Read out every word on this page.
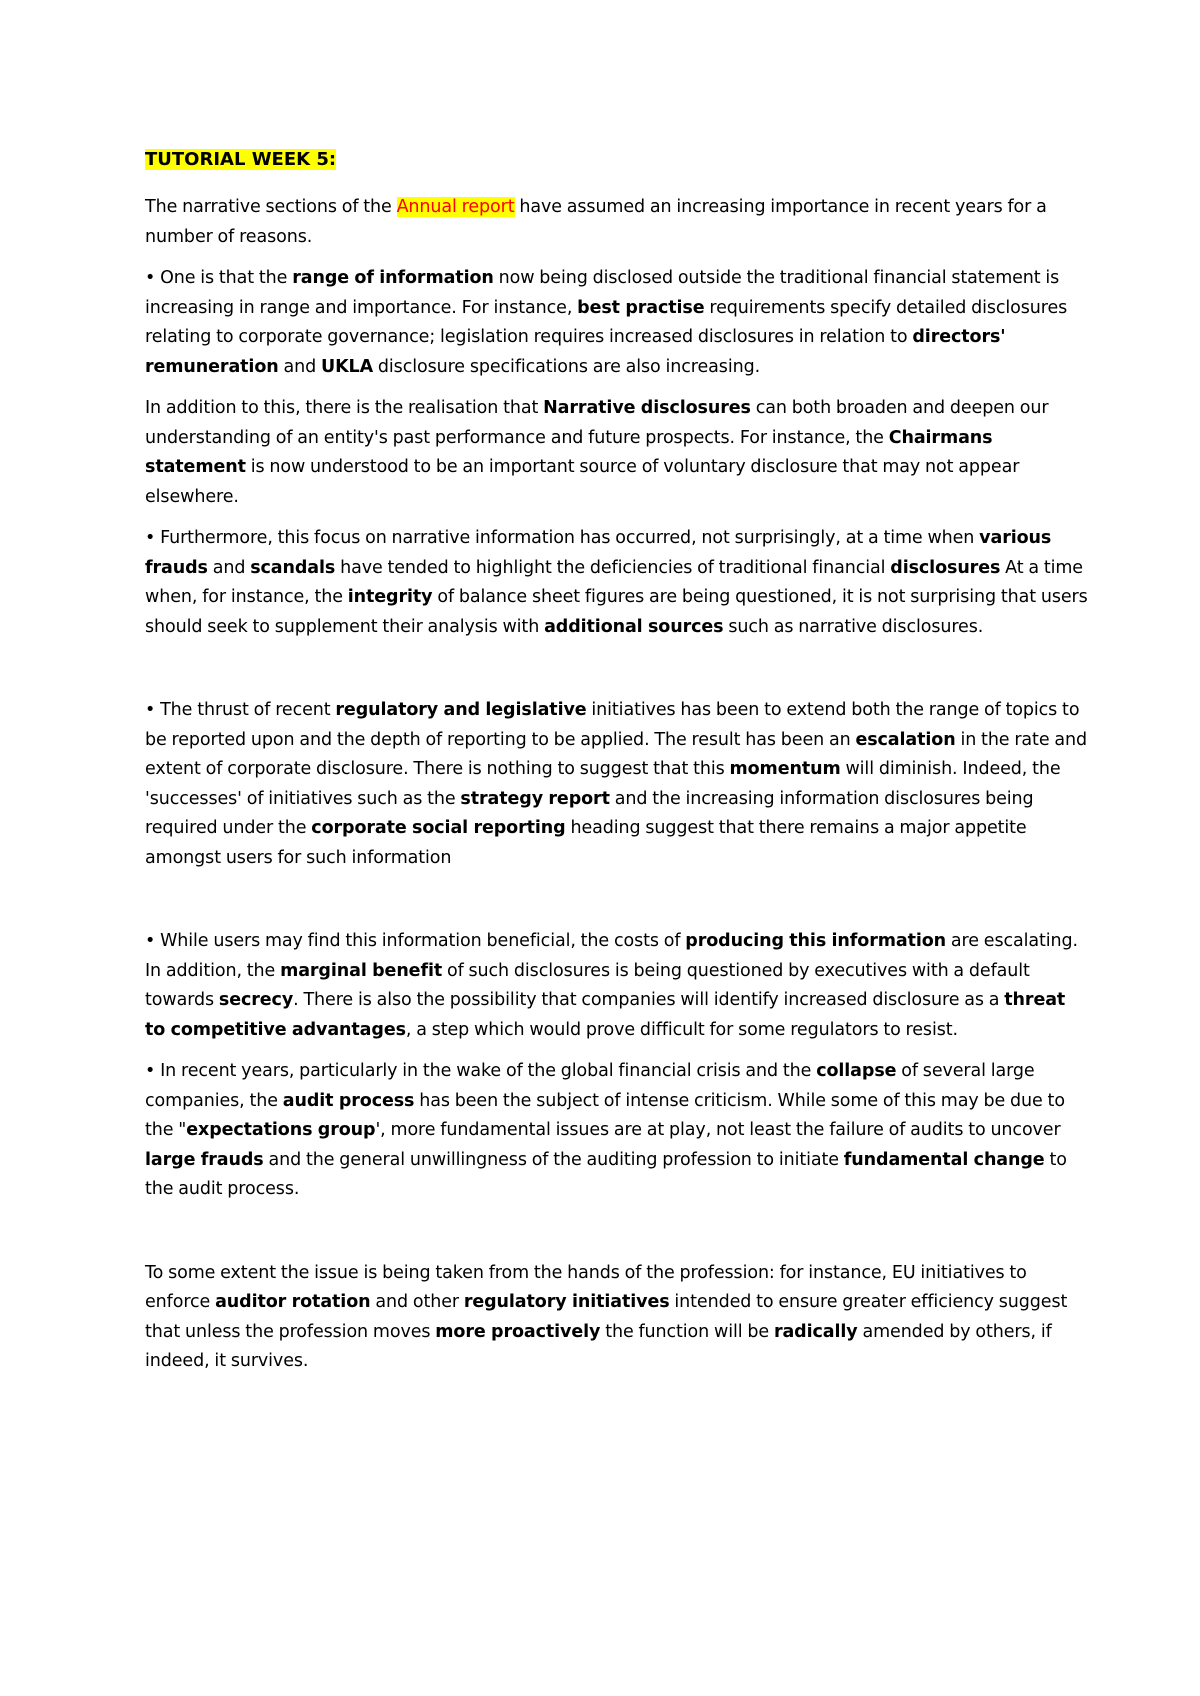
TUTORIAL WEEK 5:

The narrative sections of the Annual report have assumed an increasing importance in recent years for a number of reasons.

• One is that the range of information now being disclosed outside the traditional financial statement is increasing in range and importance. For instance, best practise requirements specify detailed disclosures relating to corporate governance; legislation requires increased disclosures in relation to directors' remuneration and UKLA disclosure specifications are also increasing.

In addition to this, there is the realisation that Narrative disclosures can both broaden and deepen our understanding of an entity's past performance and future prospects. For instance, the Chairmans statement is now understood to be an important source of voluntary disclosure that may not appear elsewhere.

• Furthermore, this focus on narrative information has occurred, not surprisingly, at a time when various frauds and scandals have tended to highlight the deficiencies of traditional financial disclosures At a time when, for instance, the integrity of balance sheet figures are being questioned, it is not surprising that users should seek to supplement their analysis with additional sources such as narrative disclosures.

• The thrust of recent regulatory and legislative initiatives has been to extend both the range of topics to be reported upon and the depth of reporting to be applied. The result has been an escalation in the rate and extent of corporate disclosure. There is nothing to suggest that this momentum will diminish. Indeed, the 'successes' of initiatives such as the strategy report and the increasing information disclosures being required under the corporate social reporting heading suggest that there remains a major appetite amongst users for such information

• While users may find this information beneficial, the costs of producing this information are escalating. In addition, the marginal benefit of such disclosures is being questioned by executives with a default towards secrecy. There is also the possibility that companies will identify increased disclosure as a threat to competitive advantages, a step which would prove difficult for some regulators to resist.

• In recent years, particularly in the wake of the global financial crisis and the collapse of several large companies, the audit process has been the subject of intense criticism. While some of this may be due to the "expectations group', more fundamental issues are at play, not least the failure of audits to uncover large frauds and the general unwillingness of the auditing profession to initiate fundamental change to the audit process.

To some extent the issue is being taken from the hands of the profession: for instance, EU initiatives to enforce auditor rotation and other regulatory initiatives intended to ensure greater efficiency suggest that unless the profession moves more proactively the function will be radically amended by others, if indeed, it survives.
